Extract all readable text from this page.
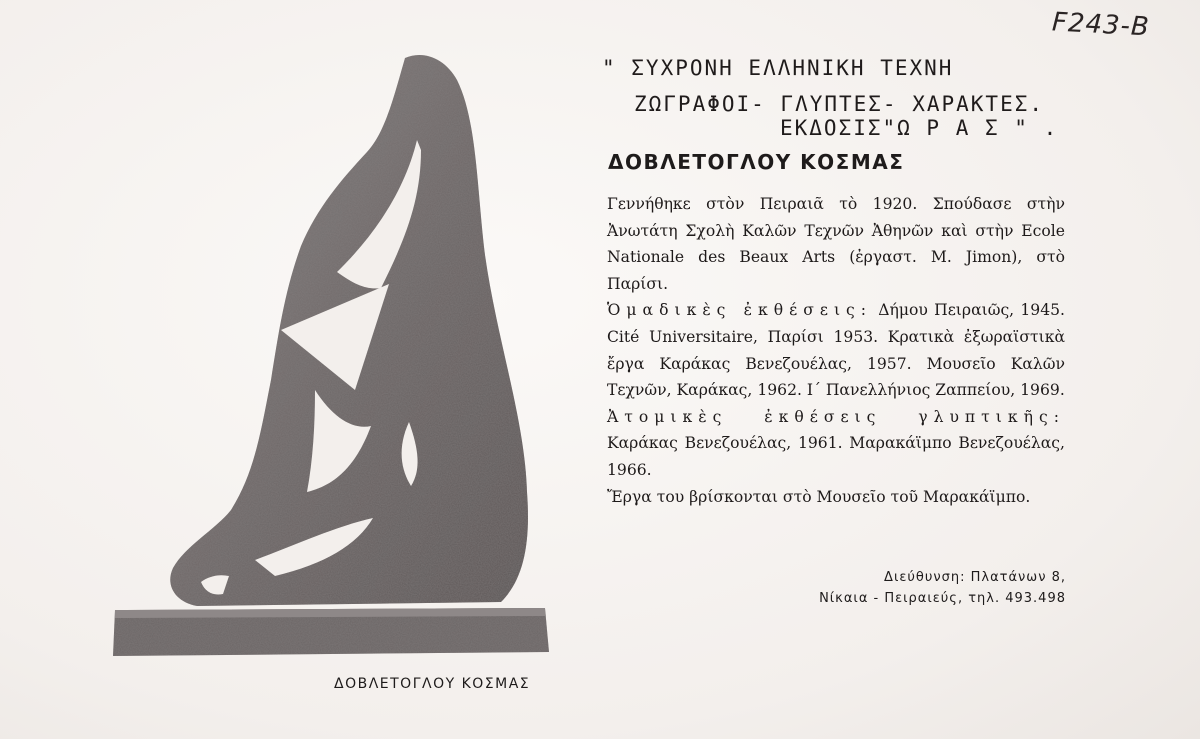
F243-B
" ΣΥΧΡΟΝΗ ΕΛΛΗΝΙΚΗ ΤΕΧΝΗ
ΖΩΓΡΑΦΟΙ- ΓΛΥΠΤΕΣ- ΧΑΡΑΚΤΕΣ.
ΕΚΔΟΣΙΣ"Ω Ρ Α Σ " .
ΔΟΒΛΕΤΟΓΛΟΥ ΚΟΣΜΑΣ

Γεννήθηκε στὸν Πειραιᾶ τὸ 1920. Σπούδασε στὴν Ἀνωτάτη Σχολὴ Καλῶν Τεχνῶν Ἀθηνῶν καὶ στὴν Ecole Nationale des Beaux Arts (ἐργαστ. M. Jimon), στὸ Παρίσι.

Ὁμαδικὲς ἐκθέσεις: Δήμου Πειραιῶς, 1945. Cité Universitaire, Παρίσι 1953. Κρατικὰ ἐξωραϊστικὰ ἔργα Καράκας Βενεζουέλας, 1957. Μουσεῖο Καλῶν Τεχνῶν, Καράκας, 1962. Ι΄ Πανελλήνιος Ζαππείου, 1969.

Ἀτομικὲς ἐκθέσεις γλυπτικῆς: Καράκας Βενεζουέλας, 1961. Μαρακάϊμπο Βενεζουέλας, 1966.

Ἔργα του βρίσκονται στὸ Μουσεῖο τοῦ Μαρακάϊμπο.

Διεύθυνση: Πλατάνων 8,
Νίκαια - Πειραιεύς, τηλ. 493.498
ΔΟΒΛΕΤΟΓΛΟΥ ΚΟΣΜΑΣ
